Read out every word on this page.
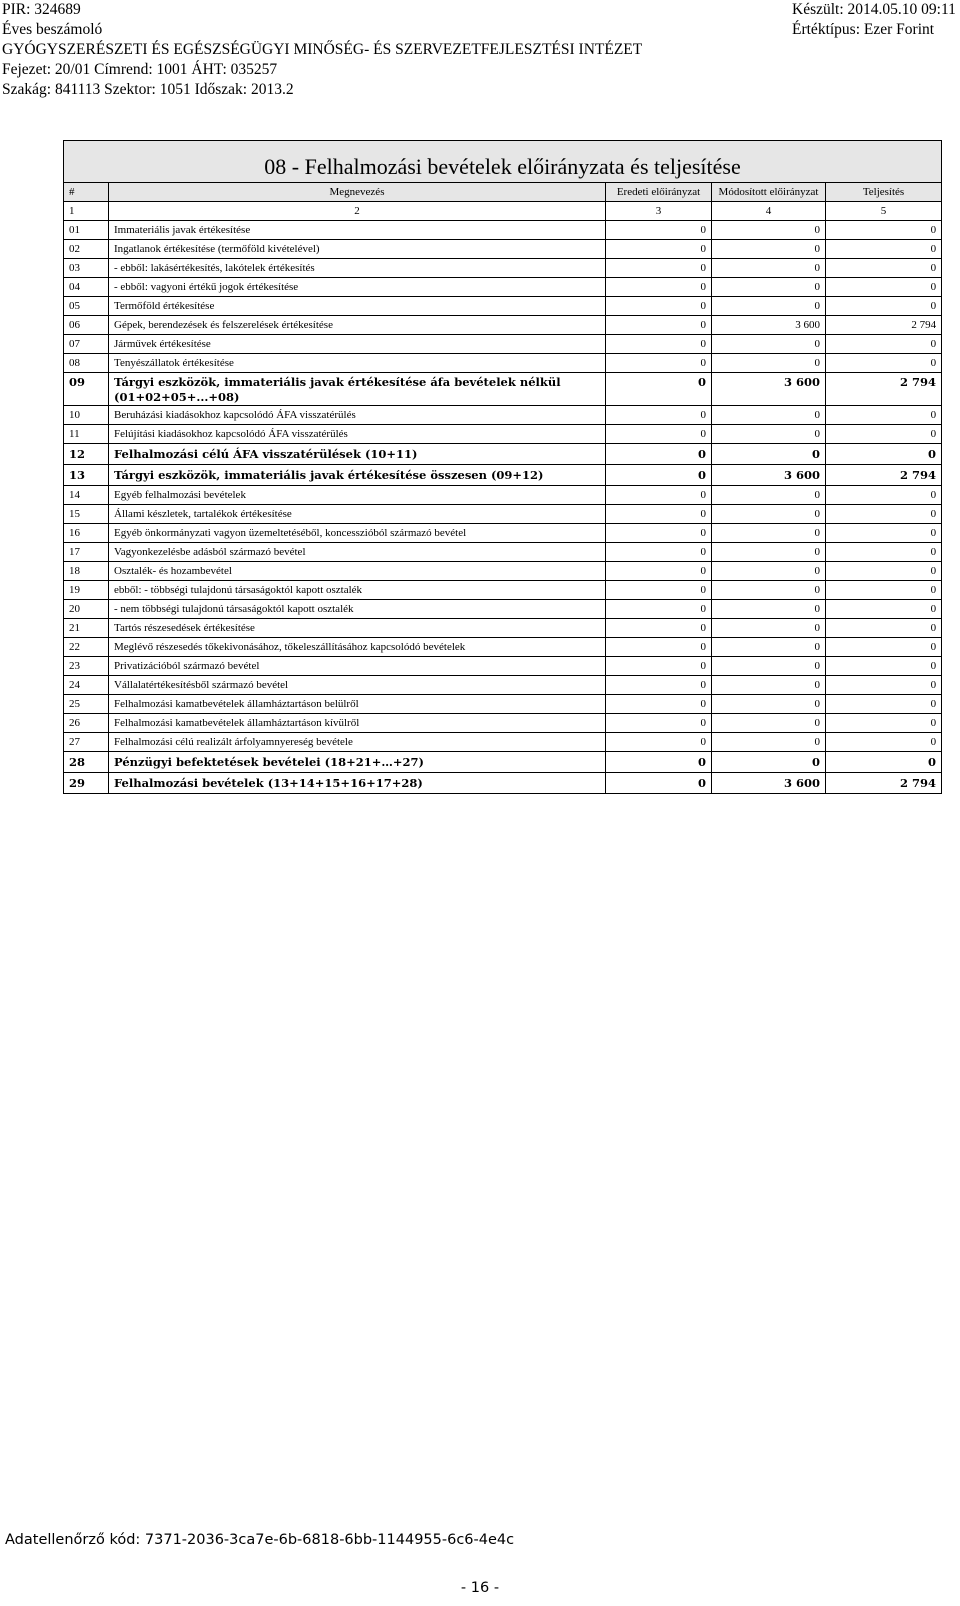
PIR: 324689
Éves beszámoló
GYÓGYSZERÉSZETI ÉS EGÉSZSÉGÜGYI MINŐSÉG- ÉS SZERVEZETFEJLESZTÉSI INTÉZET
Fejezet: 20/01 Címrend: 1001 ÁHT: 035257
Szakág: 841113 Szektor: 1051 Időszak: 2013.2
Készült: 2014.05.10 09:11
Értéktípus: Ezer Forint
08 - Felhalmozási bevételek előirányzata és teljesítése				

#	Megnevezés	Eredeti előirányzat	Módosított előirányzat	Teljesítés
1	2	3	4	5
01	Immateriális javak értékesítése	0	0	0
02	Ingatlanok értékesítése (termőföld kivételével)	0	0	0
03	- ebből: lakásértékesítés, lakótelek értékesítés	0	0	0
04	- ebből: vagyoni értékű jogok értékesítése	0	0	0
05	Termőföld értékesítése	0	0	0
06	Gépek, berendezések és felszerelések értékesítése	0	3 600	2 794
07	Járművek értékesítése	0	0	0
08	Tenyészállatok értékesítése	0	0	0
09	Tárgyi eszközök, immateriális javak értékesítése áfa bevételek nélkül (01+02+05+...+08)	0	3 600	2 794
10	Beruházási kiadásokhoz kapcsolódó ÁFA visszatérülés	0	0	0
11	Felújítási kiadásokhoz kapcsolódó ÁFA visszatérülés	0	0	0
12	Felhalmozási célú ÁFA visszatérülések (10+11)	0	0	0
13	Tárgyi eszközök, immateriális javak értékesítése összesen (09+12)	0	3 600	2 794
14	Egyéb felhalmozási bevételek	0	0	0
15	Állami készletek, tartalékok értékesítése	0	0	0
16	Egyéb önkormányzati vagyon üzemeltetéséből, koncesszióból származó bevétel	0	0	0
17	Vagyonkezelésbe adásból származó bevétel	0	0	0
18	Osztalék- és hozambevétel	0	0	0
19	ebből: - többségi tulajdonú társaságoktól kapott osztalék	0	0	0
20	- nem többségi tulajdonú társaságoktól kapott osztalék	0	0	0
21	Tartós részesedések értékesítése	0	0	0
22	Meglévő részesedés tőkekivonásához, tőkeleszállításához kapcsolódó bevételek	0	0	0
23	Privatizációból származó bevétel	0	0	0
24	Vállalatértékesítésből származó bevétel	0	0	0
25	Felhalmozási kamatbevételek államháztartáson belülről	0	0	0
26	Felhalmozási kamatbevételek államháztartáson kívülről	0	0	0
27	Felhalmozási célú realizált árfolyamnyereség bevétele	0	0	0
28	Pénzügyi befektetések bevételei (18+21+…+27)	0	0	0
29	Felhalmozási bevételek (13+14+15+16+17+28)	0	3 600	2 794
Adatellenőrző kód: 7371-2036-3ca7e-6b-6818-6bb-1144955-6c6-4e4c
- 16 -
